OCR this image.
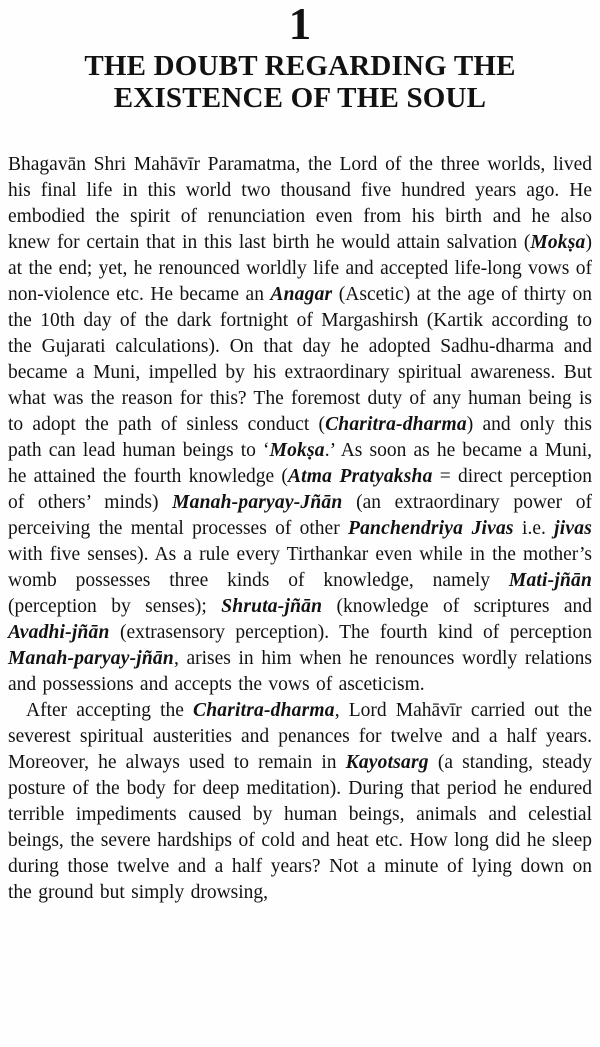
1
THE DOUBT REGARDING THE
EXISTENCE OF THE SOUL

Bhagavān Shri Mahāvīr Paramatma, the Lord of the three worlds, lived his final life in this world two thousand five hundred years ago. He embodied the spirit of renunciation even from his birth and he also knew for certain that in this last birth he would attain salvation (Mokṣa) at the end; yet, he renounced worldly life and accepted life-long vows of non-violence etc. He became an Anagar (Ascetic) at the age of thirty on the 10th day of the dark fortnight of Margashirsh (Kartik according to the Gujarati calculations). On that day he adopted Sadhu-dharma and became a Muni, impelled by his extraordinary spiritual awareness. But what was the reason for this? The foremost duty of any human being is to adopt the path of sinless conduct (Charitra-dharma) and only this path can lead human beings to ‘Mokṣa.’ As soon as he became a Muni, he attained the fourth knowledge (Atma Pratyaksha = direct perception of others’ minds) Manah-paryay-Jñān (an extraordinary power of perceiving the mental processes of other Panchendriya Jivas i.e. jivas with five senses). As a rule every Tirthankar even while in the mother’s womb possesses three kinds of knowledge, namely Mati-jñān (perception by senses); Shruta-jñān (knowledge of scriptures and Avadhi-jñān (extrasensory perception). The fourth kind of perception Manah-paryay-jñān, arises in him when he renounces wordly relations and possessions and accepts the vows of asceticism.

After accepting the Charitra-dharma, Lord Mahāvīr carried out the severest spiritual austerities and penances for twelve and a half years. Moreover, he always used to remain in Kayotsarg (a standing, steady posture of the body for deep meditation). During that period he endured terrible impediments caused by human beings, animals and celestial beings, the severe hardships of cold and heat etc. How long did he sleep during those twelve and a half years? Not a minute of lying down on the ground but simply drowsing,
